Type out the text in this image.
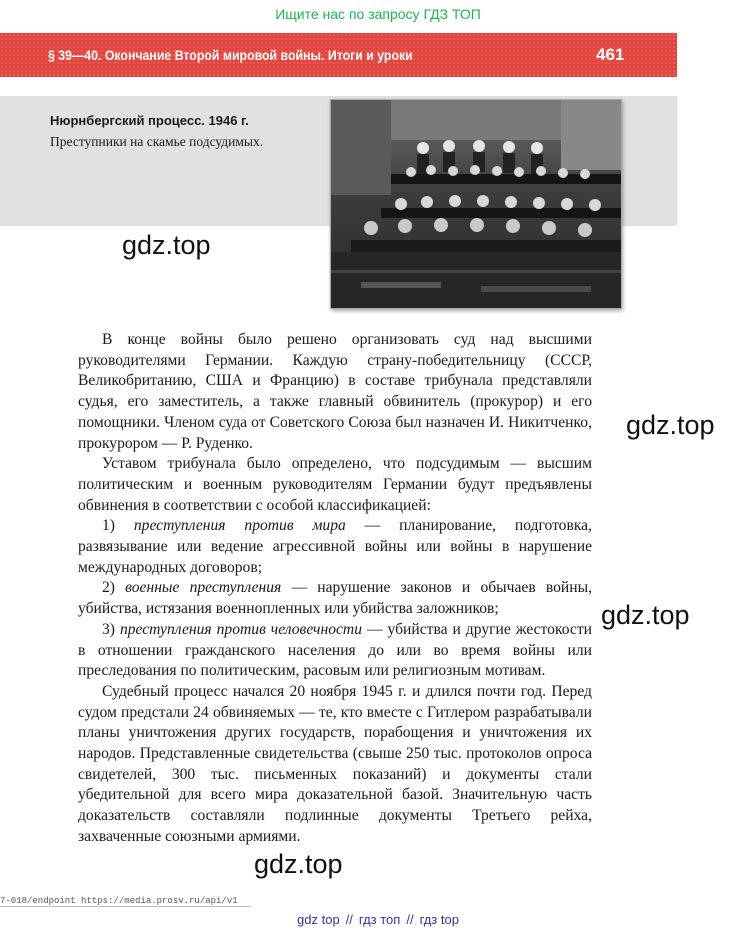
Ищите нас по запросу ГДЗ ТОП
§ 39—40. Окончание Второй мировой войны. Итоги и уроки	461
Нюрнбергский процесс. 1946 г.
Преступники на скамье подсудимых.
gdz.top
gdz.top
gdz.top
gdz.top

В конце войны было решено организовать суд над высшими руководителями Германии. Каждую страну-победительницу (СССР, Великобританию, США и Францию) в составе трибунала представляли судья, его заместитель, а также главный обвинитель (прокурор) и его помощники. Членом суда от Советского Союза был назначен И. Никитченко, прокурором — Р. Руденко.

Уставом трибунала было определено, что подсудимым — высшим политическим и военным руководителям Германии будут предъявлены обвинения в соответствии с особой классификацией:

1) преступления против мира — планирование, подготовка, развязывание или ведение агрессивной войны или войны в нарушение международных договоров;

2) военные преступления — нарушение законов и обычаев войны, убийства, истязания военнопленных или убийства заложников;

3) преступления против человечности — убийства и другие жестокости в отношении гражданского населения до или во время войны или преследования по политическим, расовым или религиозным мотивам.

Судебный процесс начался 20 ноября 1945 г. и длился почти год. Перед судом предстали 24 обвиняемых — те, кто вместе с Гитлером разрабатывали планы уничтожения других государств, порабощения и уничтожения их народов. Представленные свидетельства (свыше 250 тыс. протоколов опроса свидетелей, 300 тыс. письменных показаний) и документы стали убедительной для всего мира доказательной базой. Значительную часть доказательств составляли подлинные документы Третьего рейха, захваченные союзными армиями.

7-018/endpoint https://media.prosv.ru/api/v1
gdz top // гдз топ // гдз top
